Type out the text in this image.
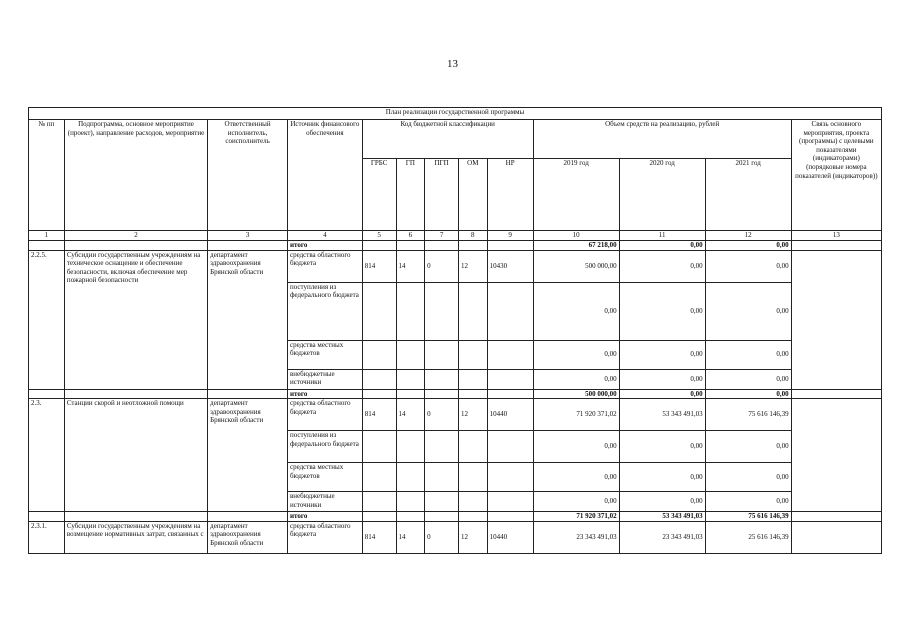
13
План реализации государственной программы												
№ пп	Подпрограмма, основное мероприятие (проект), направление расходов, мероприятие	Ответственный исполнитель, соисполнитель	Источник финансового обеспечения	Код бюджетной классификации					Объем средств на реализацию, рублей			Связь основного мероприятия, проекта (программы) с целевыми показателями (индикаторами) (порядковые номера показателей (индикаторов))
				ГРБС	ГП	ПГП	ОМ	НР	2019 год	2020 год	2021 год	
1	2	3	4	5	6	7	8	9	10	11	12	13
			итого						67 218,00	0,00	0,00	
2.2.5.	Субсидии государственным учреждениям на техническое оснащение и обеспечение безопасности, включая обеспечение мер пожарной безопасности	департамент здравоохранения Брянской области	средства областного бюджета	814	14	0	12	10430	500 000,00	0,00	0,00	
			поступления из федерального бюджета						0,00	0,00	0,00	
			средства местных бюджетов						0,00	0,00	0,00	
			внебюджетные источники						0,00	0,00	0,00	
			итого						500 000,00	0,00	0,00	
2.3.	Станции скорой и неотложной помощи	департамент здравоохранения Брянской области	средства областного бюджета	814	14	0	12	10440	71 920 371,02	53 343 491,03	75 616 146,39	
			поступления из федерального бюджета						0,00	0,00	0,00	
			средства местных бюджетов						0,00	0,00	0,00	
			внебюджетные источники						0,00	0,00	0,00	
			итого						71 920 371,02	53 343 491,03	75 616 146,39	
2.3.1.	Субсидии государственным учреждениям на возмещение нормативных затрат, связанных с	департамент здравоохранения Брянской области	средства областного бюджета	814	14	0	12	10440	23 343 491,03	23 343 491,03	25 616 146,39	
